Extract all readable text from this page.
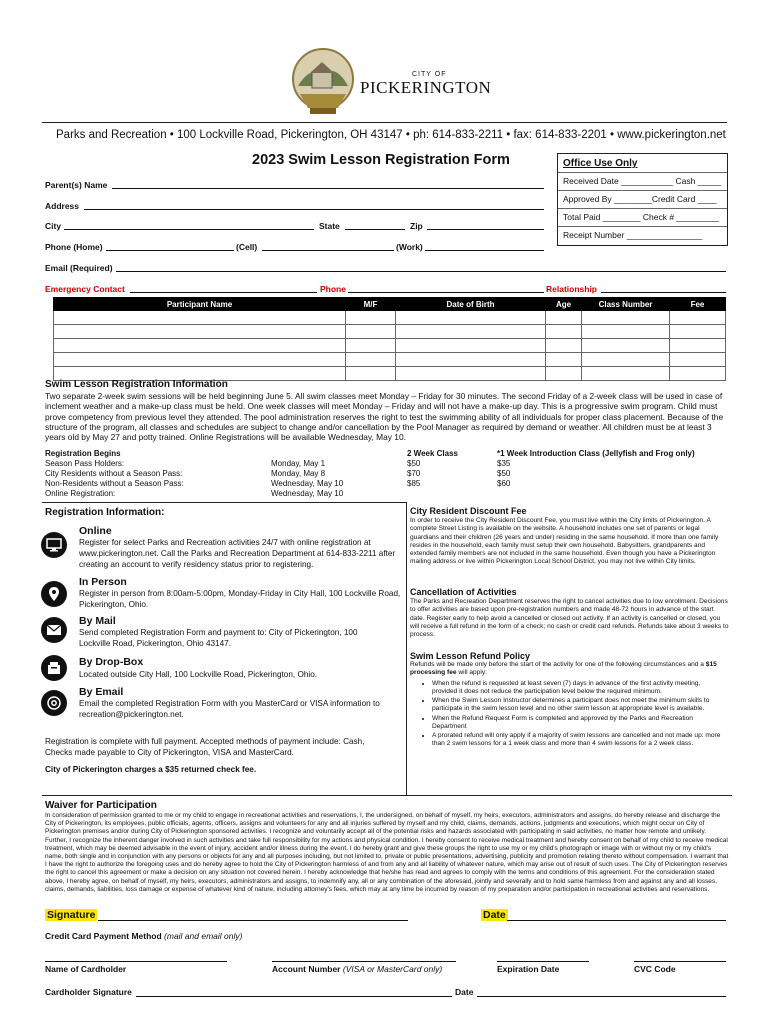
CITY OF
PICKERINGTON
Parks and Recreation • 100 Lockville Road, Pickerington, OH 43147 • ph: 614-833-2211 • fax: 614-833-2201 • www.pickerington.net
2023 Swim Lesson Registration Form	Office Use Only
Received Date ___________ Cash _____
Approved By ________Credit Card ____
Total Paid ________ Check # _________
Receipt Number ________________
Parent(s) Name
Address
City	State	Zip
Phone (Home)	(Cell)	(Work)
Email (Required)
Emergency Contact	Phone	Relationship
Participant Name	M/F	Date of Birth	Age	Class Number	Fee

Swim Lesson Registration Information
Two separate 2-week swim sessions will be held beginning June 5. All swim classes meet Monday – Friday for 30 minutes. The second Friday of a 2-week class will be used in case of inclement weather and a make-up class must be held. One week classes will meet Monday – Friday and will not have a make-up day. This is a progressive swim program. Child must prove competency from previous level they attended. The pool administration reserves the right to test the swimming ability of all individuals for proper class placement. Because of the structure of the program, all classes and schedules are subject to change and/or cancellation by the Pool Manager as required by demand or weather. All children must be at least 3 years old by May 27 and potty trained. Online Registrations will be available Wednesday, May 10.
Registration Begins	2 Week Class	*1 Week Introduction Class (Jellyfish and Frog only)
Season Pass Holders:	Monday, May 1	$50	$35
City Residents without a Season Pass:	Monday, May 8	$70	$50
Non-Residents without a Season Pass:	Wednesday, May 10	$85	$60
Online Registration:	Wednesday, May 10
Registration Information:
Online
Register for select Parks and Recreation activities 24/7 with online registration at www.pickerington.net. Call the Parks and Recreation Department at 614-833-2211 after creating an account to verify residency status prior to registering.
In Person
Register in person from 8:00am-5:00pm, Monday-Friday in City Hall, 100 Lockville Road, Pickerington, Ohio.
By Mail
Send completed Registration Form and payment to: City of Pickerington, 100 Lockville Road, Pickerington, Ohio 43147.
By Drop-Box
Located outside City Hall, 100 Lockville Road, Pickerington, Ohio.
By Email
Email the completed Registration Form with you MasterCard or VISA information to recreation@pickerington.net.
Registration is complete with full payment. Accepted methods of payment include: Cash, Checks made payable to City of Pickerington, VISA and MasterCard.
City of Pickerington charges a $35 returned check fee.
City Resident Discount Fee
In order to receive the City Resident Discount Fee, you must live within the City limits of Pickerington. A complete Street Listing is available on the website. A household includes one set of parents or legal guardians and their children (26 years and under) residing in the same household. If more than one family resides in the household, each family must setup their own household. Babysitters, grandparents and extended family members are not included in the same household. Even though you have a Pickerington mailing address or live within Pickerington Local School District, you may not live within City limits.
Cancellation of Activities
The Parks and Recreation Department reserves the right to cancel activities due to low enrollment. Decisions to offer activities are based upon pre-registration numbers and made 48-72 hours in advance of the start date. Register early to help avoid a cancelled or closed out activity. If an activity is cancelled or closed, you will receive a full refund in the form of a check; no cash or credit card refunds. Refunds take about 3 weeks to process.
Swim Lesson Refund Policy
Refunds will be made only before the start of the activity for one of the following circumstances and a $15 processing fee will apply:
• When the refund is requested at least seven (7) days in advance of the first activity meeting, provided it does not reduce the participation level below the required minimum.
• When the Swim Lesson Instructor determines a participant does not meet the minimum skills to participate in the swim lesson level and no other swim lesson at appropriate level is available.
• When the Refund Request Form is completed and approved by the Parks and Recreation Department
• A prorated refund will only apply if a majority of swim lessons are cancelled and not made up: more than 2 swim lessons for a 1 week class and more than 4 swim lessons for a 2 week class.
Waiver for Participation
In consideration of permission granted to me or my child to engage in recreational activities and reservations, I, the undersigned, on behalf of myself, my heirs, executors, administrators and assigns, do hereby release and discharge the City of Pickerington, its employees, public officials, agents, officers, assigns and volunteers for any and all injuries suffered by myself and my child, claims, demands, actions, judgments and executions, which might occur on City of Pickerington premises and/or during City of Pickerington sponsored activities. I recognize and voluntarily accept all of the potential risks and hazards associated with participating in said activities, no matter how remote and unlikely. Further, I recognize the inherent danger involved in such activities and take full responsibility for my actions and physical condition. I hereby consent to receive medical treatment and hereby consent on behalf of my child to receive medical treatment, which may be deemed advisable in the event of injury, accident and/or illness during the event. I do hereby grant and give these groups the right to use my or my child's photograph or image with or without my or my child's name, both single and in conjunction with any persons or objects for any and all purposes including, but not limited to, private or public presentations, advertising, publicity and promotion relating thereto without compensation. I warrant that I have the right to authorize the foregoing uses and do hereby agree to hold the City of Pickerington harmless of and from any and all liability of whatever nature, which may arise out of result of such uses. The City of Pickerington reserves the right to cancel this agreement or make a decision on any situation not covered herein. I hereby acknowledge that he/she has read and agrees to comply with the terms and conditions of this agreement. For the consideration stated above, I hereby agree, on behalf of myself, my heirs, executors, administrators and assigns, to indemnify any, all or any combination of the aforesaid, jointly and severally and to hold same harmless from and against any and all losses, claims, demands, liabilities, loss damage or expense of whatever kind of nature, including attorney's fees, which may at any time be incurred by reason of my preparation and/or participation in recreational activities and reservations.
Signature	Date
Credit Card Payment Method (mail and email only)
Name of Cardholder	Account Number (VISA or MasterCard only)	Expiration Date	CVC Code
Cardholder Signature	Date
